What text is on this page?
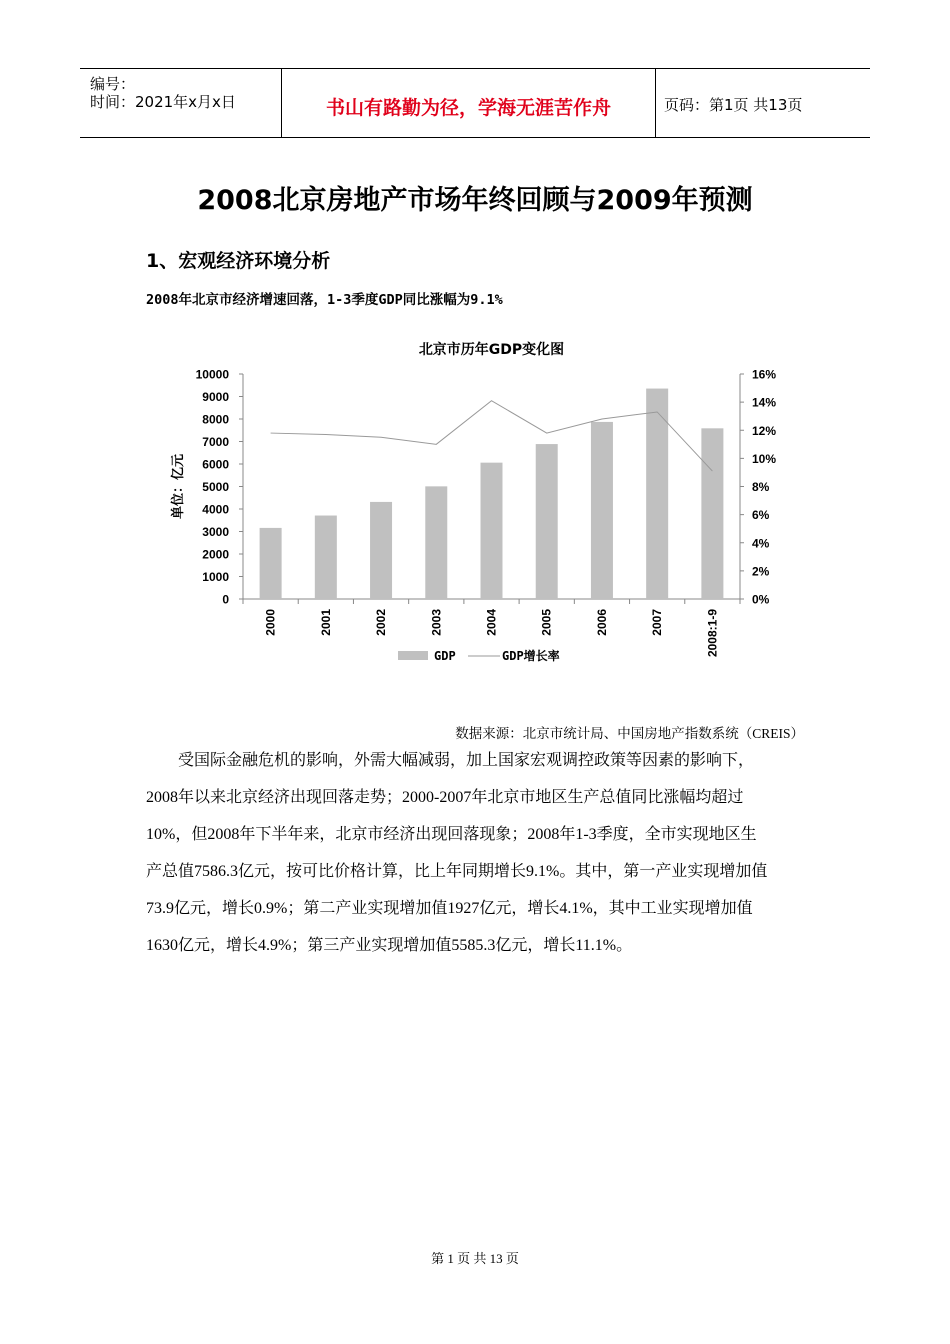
编号：
时间：2021年x月x日	书山有路勤为径，学海无涯苦作舟	页码：第1页 共13页
2008北京房地产市场年终回顾与2009年预测
1、宏观经济环境分析
2008年北京市经济增速回落，1-3季度GDP同比涨幅为9.1%
北京市历年GDP变化图
单位：亿元
0
1000
2000
3000
4000
5000
6000
7000
8000
9000
10000
0%
2%
4%
6%
8%
10%
12%
14%
16%
2000	2001	2002	2003	2004	2005	2006	2007	2008:1-9
GDP	GDP增长率
数据来源：北京市统计局、中国房地产指数系统（CREIS）
受国际金融危机的影响，外需大幅减弱，加上国家宏观调控政策等因素的影响下，
2008年以来北京经济出现回落走势；2000-2007年北京市地区生产总值同比涨幅均超过
10%，但2008年下半年来，北京市经济出现回落现象；2008年1-3季度，全市实现地区生
产总值7586.3亿元，按可比价格计算，比上年同期增长9.1%。其中，第一产业实现增加值
73.9亿元，增长0.9%；第二产业实现增加值1927亿元，增长4.1%，其中工业实现增加值
1630亿元，增长4.9%；第三产业实现增加值5585.3亿元，增长11.1%。
第 1 页 共 13 页
